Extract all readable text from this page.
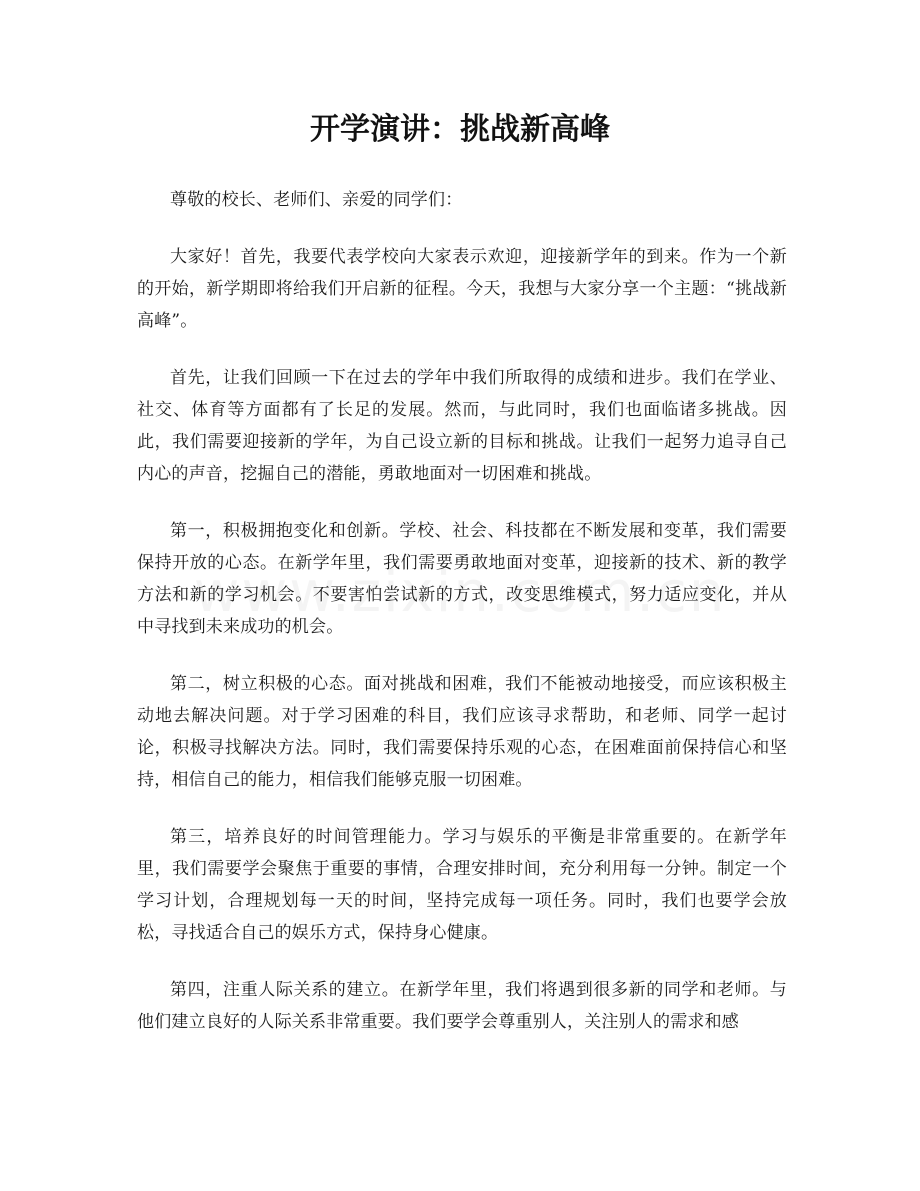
开学演讲：挑战新高峰

尊敬的校长、老师们、亲爱的同学们：

大家好！首先，我要代表学校向大家表示欢迎，迎接新学年的到来。作为一个新的开始，新学期即将给我们开启新的征程。今天，我想与大家分享一个主题：“挑战新高峰”。

首先，让我们回顾一下在过去的学年中我们所取得的成绩和进步。我们在学业、社交、体育等方面都有了长足的发展。然而，与此同时，我们也面临诸多挑战。因此，我们需要迎接新的学年，为自己设立新的目标和挑战。让我们一起努力追寻自己内心的声音，挖掘自己的潜能，勇敢地面对一切困难和挑战。

第一，积极拥抱变化和创新。学校、社会、科技都在不断发展和变革，我们需要保持开放的心态。在新学年里，我们需要勇敢地面对变革，迎接新的技术、新的教学方法和新的学习机会。不要害怕尝试新的方式，改变思维模式，努力适应变化，并从中寻找到未来成功的机会。

第二，树立积极的心态。面对挑战和困难，我们不能被动地接受，而应该积极主动地去解决问题。对于学习困难的科目，我们应该寻求帮助，和老师、同学一起讨论，积极寻找解决方法。同时，我们需要保持乐观的心态，在困难面前保持信心和坚持，相信自己的能力，相信我们能够克服一切困难。

第三，培养良好的时间管理能力。学习与娱乐的平衡是非常重要的。在新学年里，我们需要学会聚焦于重要的事情，合理安排时间，充分利用每一分钟。制定一个学习计划，合理规划每一天的时间，坚持完成每一项任务。同时，我们也要学会放松，寻找适合自己的娱乐方式，保持身心健康。

第四，注重人际关系的建立。在新学年里，我们将遇到很多新的同学和老师。与他们建立良好的人际关系非常重要。我们要学会尊重别人，关注别人的需求和感
